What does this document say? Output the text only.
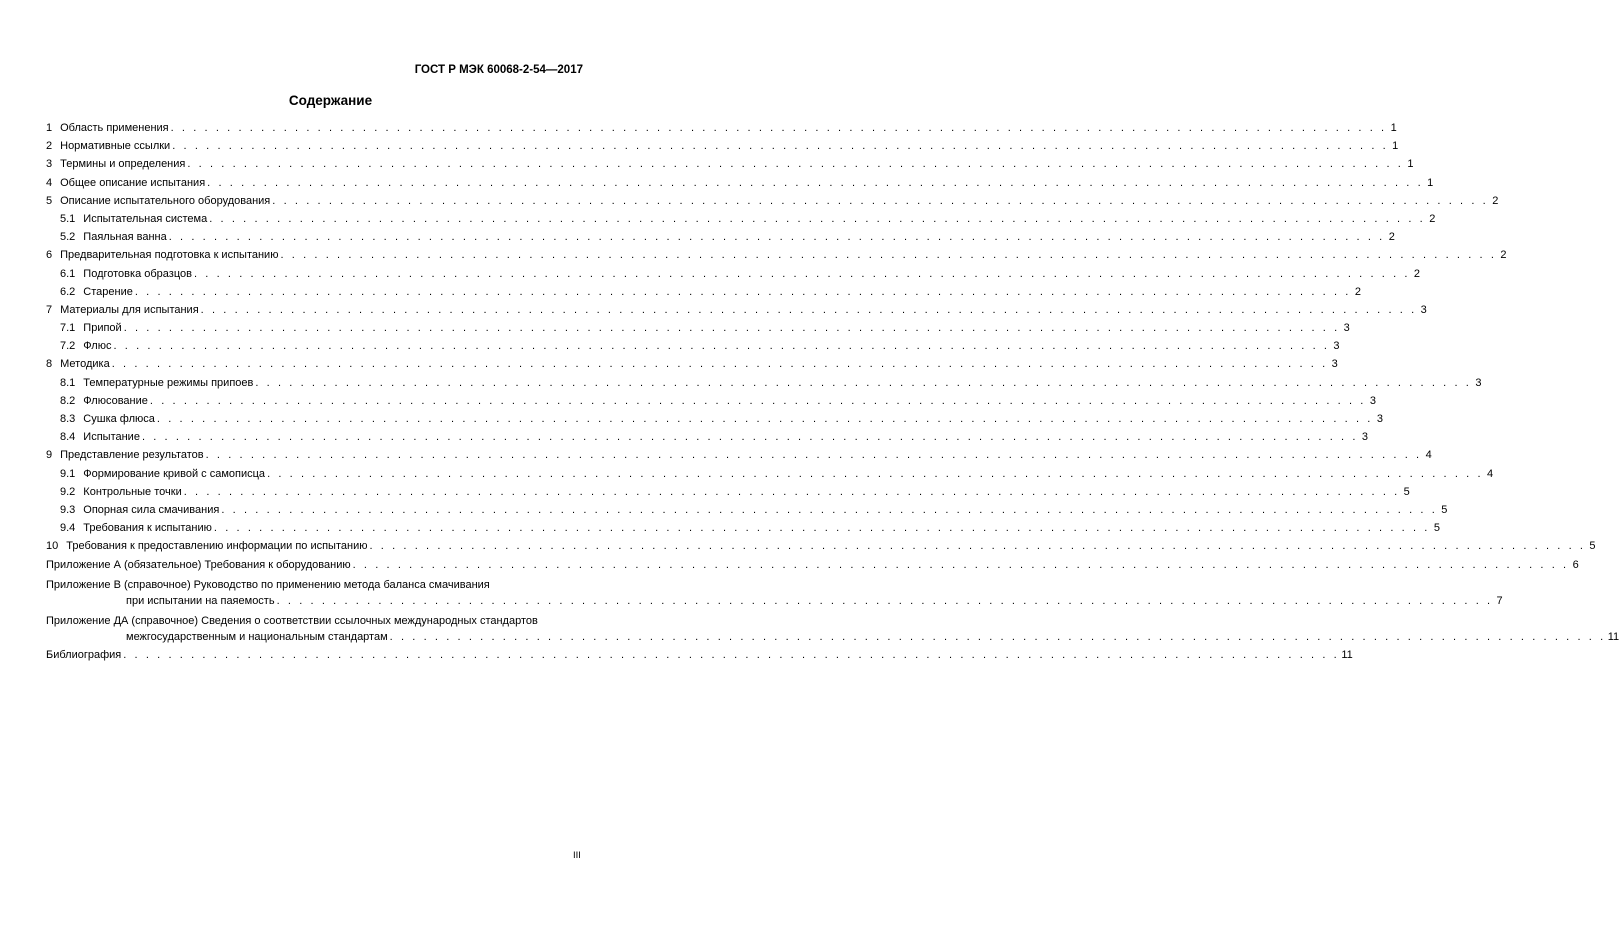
ГОСТ Р МЭК 60068-2-54—2017
Содержание
1 Область применения . . . . . . . . . . . . . . . . . . . . . . . . . . . . . . . . . . . . . . . . . . . . . . . . . . . . . . . . . . . . . . . . . . . . . . . . . . . . . . . . . . . . . . . . . . . . . . . . . . . . . . . . . . . . 1
2 Нормативные ссылки . . . . . . . . . . . . . . . . . . . . . . . . . . . . . . . . . . . . . . . . . . . . . . . . . . . . . . . . . . . . . . . . . . . . . . . . . . . . . . . . . . . . . . . . . . . . . . . . . . . . . . . . . . . . 1
3 Термины и определения . . . . . . . . . . . . . . . . . . . . . . . . . . . . . . . . . . . . . . . . . . . . . . . . . . . . . . . . . . . . . . . . . . . . . . . . . . . . . . . . . . . . . . . . . . . . . . . . . . . . . . . . . . . . 1
4 Общее описание испытания . . . . . . . . . . . . . . . . . . . . . . . . . . . . . . . . . . . . . . . . . . . . . . . . . . . . . . . . . . . . . . . . . . . . . . . . . . . . . . . . . . . . . . . . . . . . . . . . . . . . . . . . . . . . 1
5 Описание испытательного оборудования . . . . . . . . . . . . . . . . . . . . . . . . . . . . . . . . . . . . . . . . . . . . . . . . . . . . . . . . . . . . . . . . . . . . . . . . . . . . . . . . . . . . . . . . . . . . . . . . . . . . . . . . . . . . 2
5.1 Испытательная система . . . . . . . . . . . . . . . . . . . . . . . . . . . . . . . . . . . . . . . . . . . . . . . . . . . . . . . . . . . . . . . . . . . . . . . . . . . . . . . . . . . . . . . . . . . . . . . . . . . . . . . . . . . . 2
5.2 Паяльная ванна . . . . . . . . . . . . . . . . . . . . . . . . . . . . . . . . . . . . . . . . . . . . . . . . . . . . . . . . . . . . . . . . . . . . . . . . . . . . . . . . . . . . . . . . . . . . . . . . . . . . . . . . . . . . 2
6 Предварительная подготовка к испытанию . . . . . . . . . . . . . . . . . . . . . . . . . . . . . . . . . . . . . . . . . . . . . . . . . . . . . . . . . . . . . . . . . . . . . . . . . . . . . . . . . . . . . . . . . . . . . . . . . . . . . . . . . . . . 2
6.1 Подготовка образцов . . . . . . . . . . . . . . . . . . . . . . . . . . . . . . . . . . . . . . . . . . . . . . . . . . . . . . . . . . . . . . . . . . . . . . . . . . . . . . . . . . . . . . . . . . . . . . . . . . . . . . . . . . . . 2
6.2 Старение . . . . . . . . . . . . . . . . . . . . . . . . . . . . . . . . . . . . . . . . . . . . . . . . . . . . . . . . . . . . . . . . . . . . . . . . . . . . . . . . . . . . . . . . . . . . . . . . . . . . . . . . . . . . 2
7 Материалы для испытания . . . . . . . . . . . . . . . . . . . . . . . . . . . . . . . . . . . . . . . . . . . . . . . . . . . . . . . . . . . . . . . . . . . . . . . . . . . . . . . . . . . . . . . . . . . . . . . . . . . . . . . . . . . . 3
7.1 Припой . . . . . . . . . . . . . . . . . . . . . . . . . . . . . . . . . . . . . . . . . . . . . . . . . . . . . . . . . . . . . . . . . . . . . . . . . . . . . . . . . . . . . . . . . . . . . . . . . . . . . . . . . . . . 3
7.2 Флюс . . . . . . . . . . . . . . . . . . . . . . . . . . . . . . . . . . . . . . . . . . . . . . . . . . . . . . . . . . . . . . . . . . . . . . . . . . . . . . . . . . . . . . . . . . . . . . . . . . . . . . . . . . . . 3
8 Методика . . . . . . . . . . . . . . . . . . . . . . . . . . . . . . . . . . . . . . . . . . . . . . . . . . . . . . . . . . . . . . . . . . . . . . . . . . . . . . . . . . . . . . . . . . . . . . . . . . . . . . . . . . . . 3
8.1 Температурные режимы припоев . . . . . . . . . . . . . . . . . . . . . . . . . . . . . . . . . . . . . . . . . . . . . . . . . . . . . . . . . . . . . . . . . . . . . . . . . . . . . . . . . . . . . . . . . . . . . . . . . . . . . . . . . . . . 3
8.2 Флюсование . . . . . . . . . . . . . . . . . . . . . . . . . . . . . . . . . . . . . . . . . . . . . . . . . . . . . . . . . . . . . . . . . . . . . . . . . . . . . . . . . . . . . . . . . . . . . . . . . . . . . . . . . . . . 3
8.3 Сушка флюса . . . . . . . . . . . . . . . . . . . . . . . . . . . . . . . . . . . . . . . . . . . . . . . . . . . . . . . . . . . . . . . . . . . . . . . . . . . . . . . . . . . . . . . . . . . . . . . . . . . . . . . . . . . . 3
8.4 Испытание . . . . . . . . . . . . . . . . . . . . . . . . . . . . . . . . . . . . . . . . . . . . . . . . . . . . . . . . . . . . . . . . . . . . . . . . . . . . . . . . . . . . . . . . . . . . . . . . . . . . . . . . . . . . 3
9 Представление результатов . . . . . . . . . . . . . . . . . . . . . . . . . . . . . . . . . . . . . . . . . . . . . . . . . . . . . . . . . . . . . . . . . . . . . . . . . . . . . . . . . . . . . . . . . . . . . . . . . . . . . . . . . . . . 4
9.1 Формирование кривой с самописца . . . . . . . . . . . . . . . . . . . . . . . . . . . . . . . . . . . . . . . . . . . . . . . . . . . . . . . . . . . . . . . . . . . . . . . . . . . . . . . . . . . . . . . . . . . . . . . . . . . . . . . . . . . . 4
9.2 Контрольные точки . . . . . . . . . . . . . . . . . . . . . . . . . . . . . . . . . . . . . . . . . . . . . . . . . . . . . . . . . . . . . . . . . . . . . . . . . . . . . . . . . . . . . . . . . . . . . . . . . . . . . . . . . . . . 5
9.3 Опорная сила смачивания . . . . . . . . . . . . . . . . . . . . . . . . . . . . . . . . . . . . . . . . . . . . . . . . . . . . . . . . . . . . . . . . . . . . . . . . . . . . . . . . . . . . . . . . . . . . . . . . . . . . . . . . . . . . 5
9.4 Требования к испытанию . . . . . . . . . . . . . . . . . . . . . . . . . . . . . . . . . . . . . . . . . . . . . . . . . . . . . . . . . . . . . . . . . . . . . . . . . . . . . . . . . . . . . . . . . . . . . . . . . . . . . . . . . . . . 5
10 Требования к предоставлению информации по испытанию . . . . . . . . . . . . . . . . . . . . . . . . . . . . . . . . . . . . . . . . . . . . . . . . . . . . . . . . . . . . . . . . . . . . . . . . . . . . . . . . . . . . . . . . . . . . . . . . . . . . . . . . . . . . 5
Приложение А (обязательное) Требования к оборудованию . . . . . . . . . . . . . . . . . . . . . . . . . . . . . . . . . . . . . . . . . . . . . . . . . . . . . . . . . . . . . . . . . . . . . . . . . . . . . . . . . . . . . . . . . . . . . . . . . . . . . . . . . . . . 6
Приложение В (справочное) Руководство по применению метода баланса смачивания
при испытании на паяемость . . . . . . . . . . . . . . . . . . . . . . . . . . . . . . . . . . . . . . . . . . . . . . . . . . . . . . . . . . . . . . . . . . . . . . . . . . . . . . . . . . . . . . . . . . . . . . . . . . . . . . . . . . . . 7
Приложение ДА (справочное) Сведения о соответствии ссылочных международных стандартов
межгосударственным и национальным стандартам . . . . . . . . . . . . . . . . . . . . . . . . . . . . . . . . . . . . . . . . . . . . . . . . . . . . . . . . . . . . . . . . . . . . . . . . . . . . . . . . . . . . . . . . . . . . . . . . . . . . . . . . . . . . 11
Библиография . . . . . . . . . . . . . . . . . . . . . . . . . . . . . . . . . . . . . . . . . . . . . . . . . . . . . . . . . . . . . . . . . . . . . . . . . . . . . . . . . . . . . . . . . . . . . . . . . . . . . . . . . . . . 11
III
